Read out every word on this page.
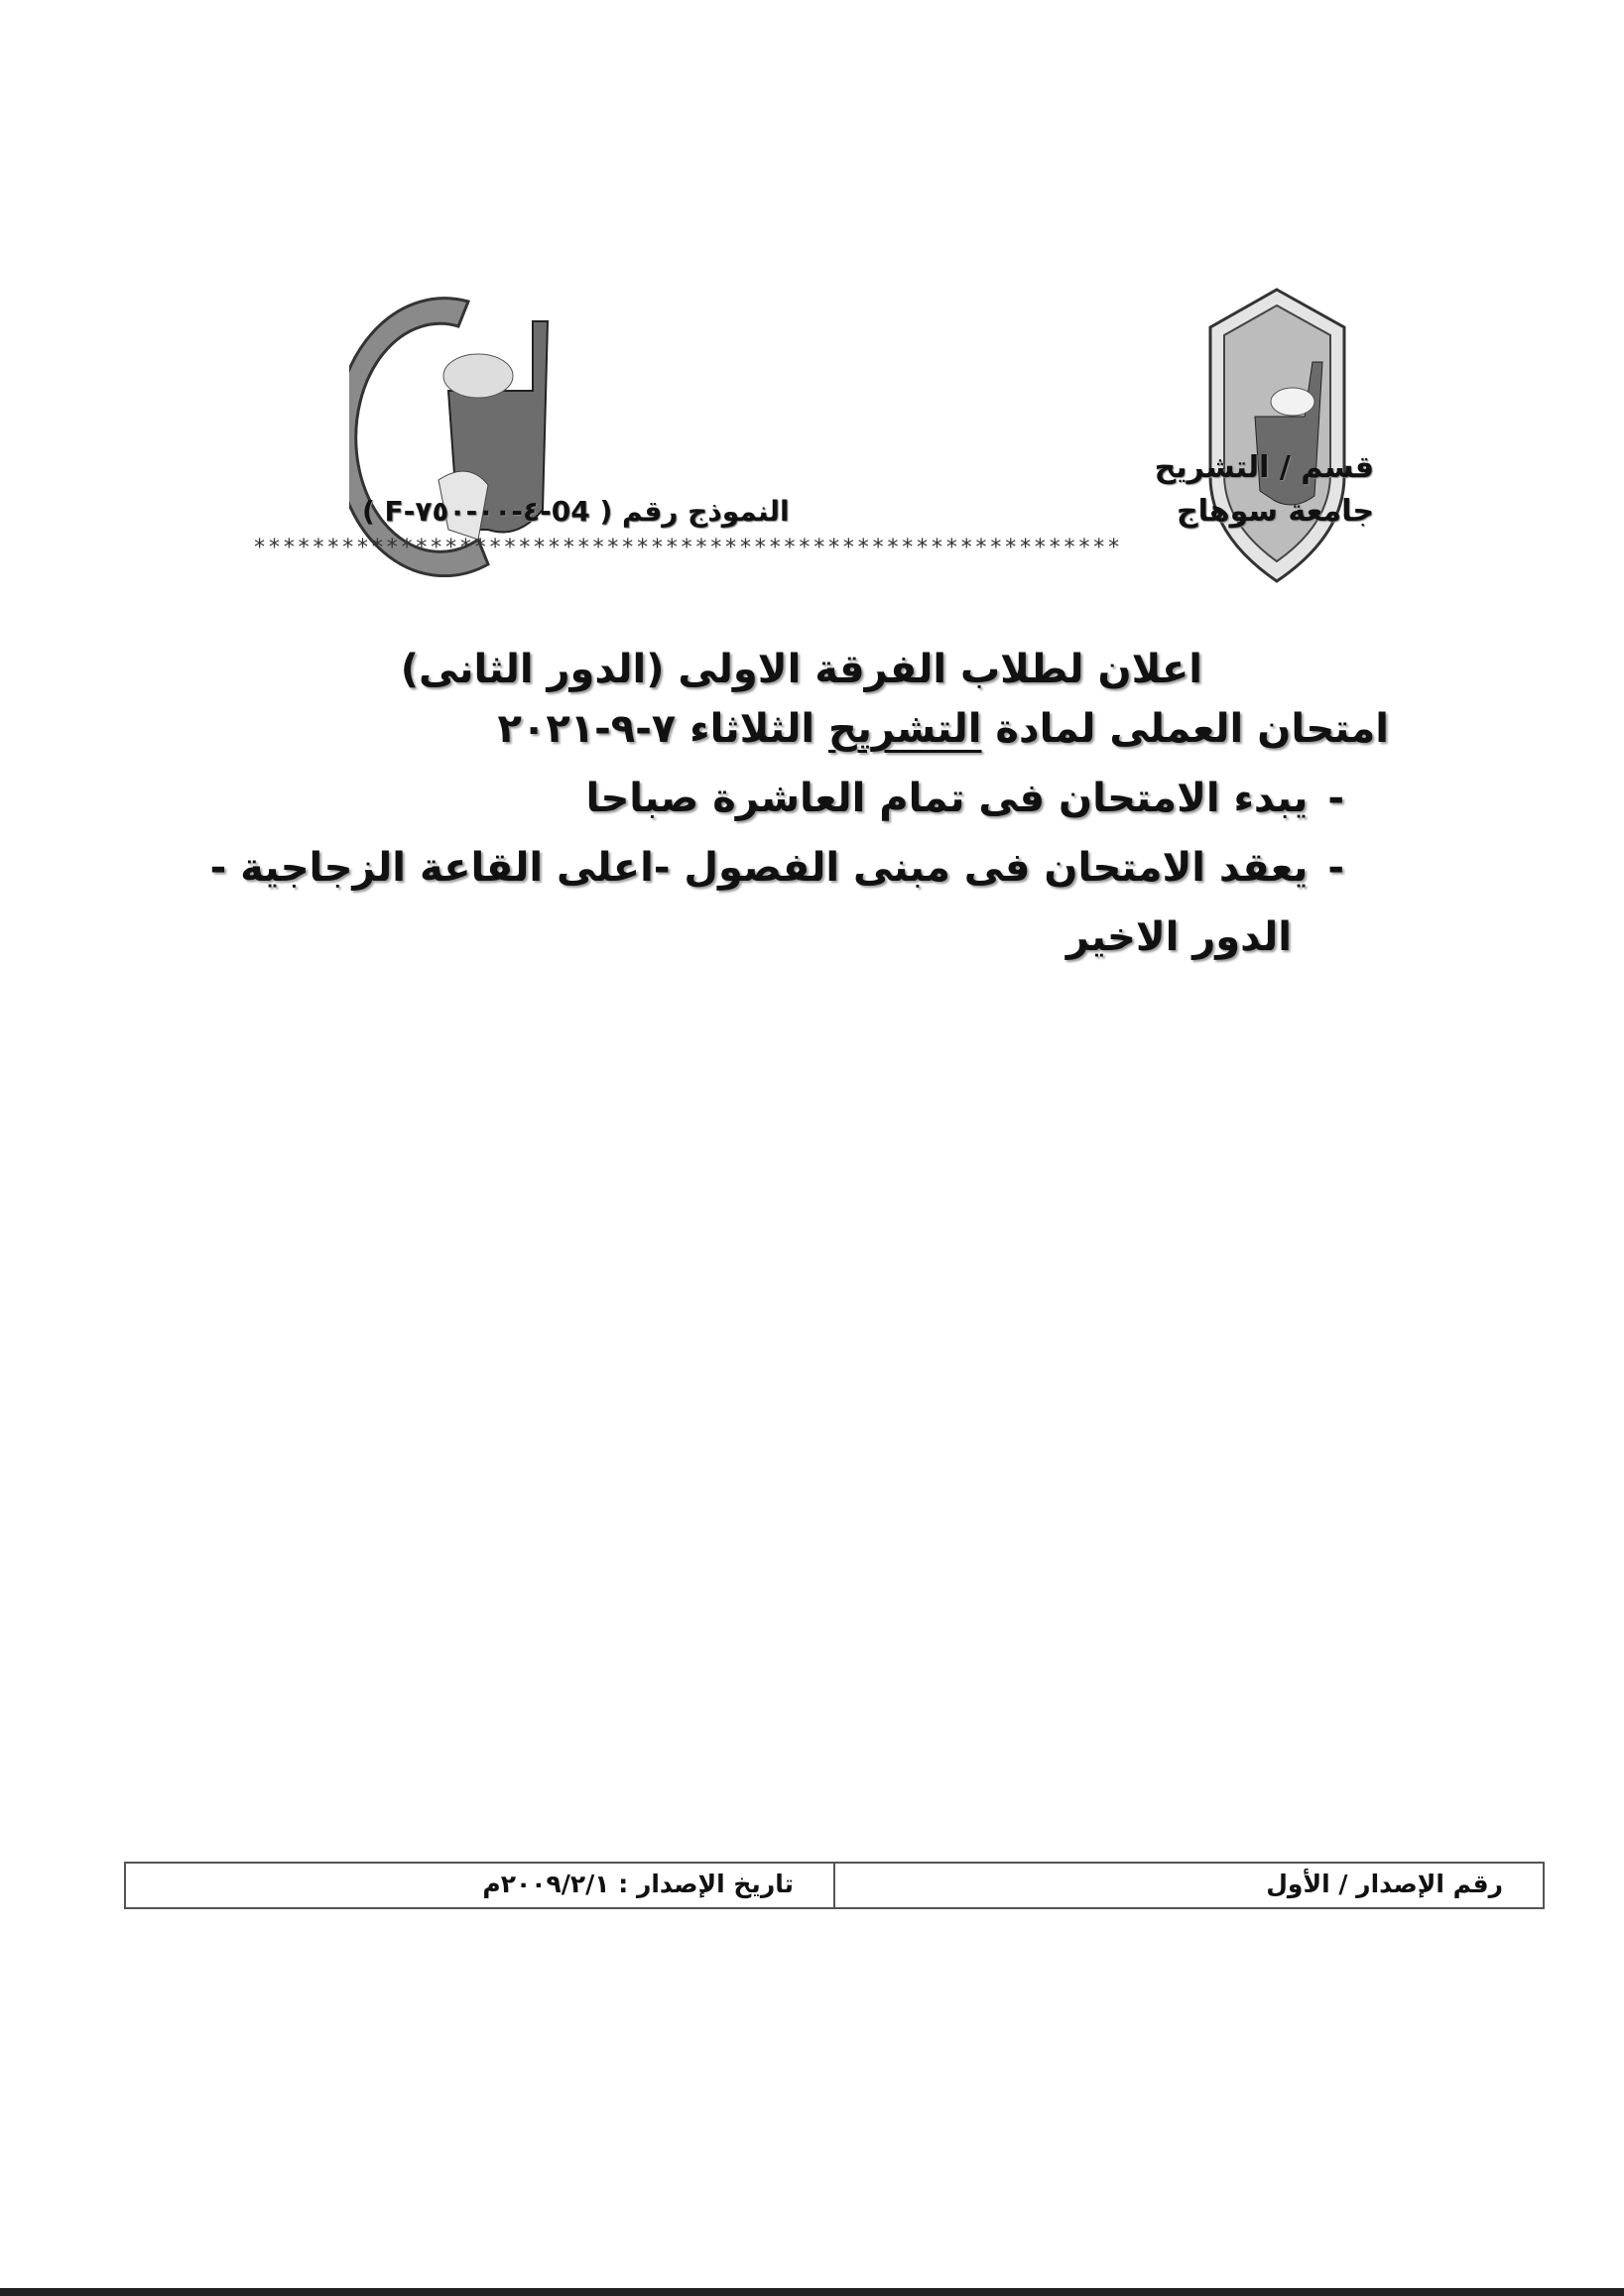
قسم / التشريح
جامعة سوهاج
النموذج رقم ( 04-٤-٠٠-٧٥٠-F )
***********************************************************
اعلان لطلاب الفرقة الاولى (الدور الثانى)
امتحان العملى لمادة التشريح الثلاثاء ٧-٩-٢٠٢١
-يبدء الامتحان فى تمام العاشرة صباحا
-يعقد الامتحان فى مبنى الفصول -اعلى القاعة الزجاجية -
الدور الاخير
رقم الإصدار / الأول
تاريخ الإصدار : ٢٠٠٩/٢/١م
